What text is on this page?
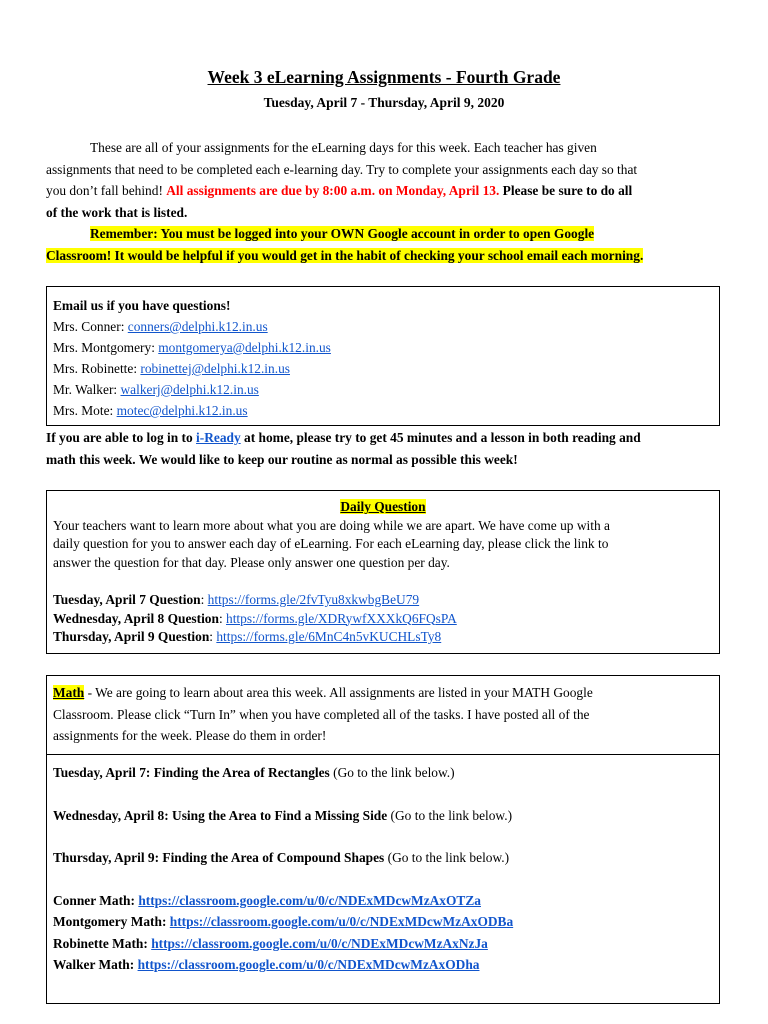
Week 3 eLearning Assignments - Fourth Grade
Tuesday, April 7 - Thursday, April 9, 2020
These are all of your assignments for the eLearning days for this week. Each teacher has given
assignments that need to be completed each e-learning day. Try to complete your assignments each day so that
you don’t fall behind! All assignments are due by 8:00 a.m. on Monday, April 13. Please be sure to do all
of the work that is listed.
Remember: You must be logged into your OWN Google account in order to open Google
Classroom! It would be helpful if you would get in the habit of checking your school email each morning.
Email us if you have questions!
Mrs. Conner: conners@delphi.k12.in.us
Mrs. Montgomery: montgomerya@delphi.k12.in.us
Mrs. Robinette: robinettej@delphi.k12.in.us
Mr. Walker: walkerj@delphi.k12.in.us
Mrs. Mote: motec@delphi.k12.in.us
If you are able to log in to i-Ready at home, please try to get 45 minutes and a lesson in both reading and
math this week. We would like to keep our routine as normal as possible this week!
Daily Question
Your teachers want to learn more about what you are doing while we are apart. We have come up with a
daily question for you to answer each day of eLearning. For each eLearning day, please click the link to
answer the question for that day. Please only answer one question per day.
Tuesday, April 7 Question: https://forms.gle/2fvTyu8xkwbgBeU79
Wednesday, April 8 Question: https://forms.gle/XDRywfXXXkQ6FQsPA
Thursday, April 9 Question: https://forms.gle/6MnC4n5vKUCHLsTy8
Math - We are going to learn about area this week. All assignments are listed in your MATH Google
Classroom. Please click “Turn In” when you have completed all of the tasks. I have posted all of the
assignments for the week. Please do them in order!
Tuesday, April 7: Finding the Area of Rectangles (Go to the link below.)
Wednesday, April 8: Using the Area to Find a Missing Side (Go to the link below.)
Thursday, April 9: Finding the Area of Compound Shapes (Go to the link below.)
Conner Math: https://classroom.google.com/u/0/c/NDExMDcwMzAxOTZa
Montgomery Math: https://classroom.google.com/u/0/c/NDExMDcwMzAxODBa
Robinette Math: https://classroom.google.com/u/0/c/NDExMDcwMzAxNzJa
Walker Math: https://classroom.google.com/u/0/c/NDExMDcwMzAxODha
